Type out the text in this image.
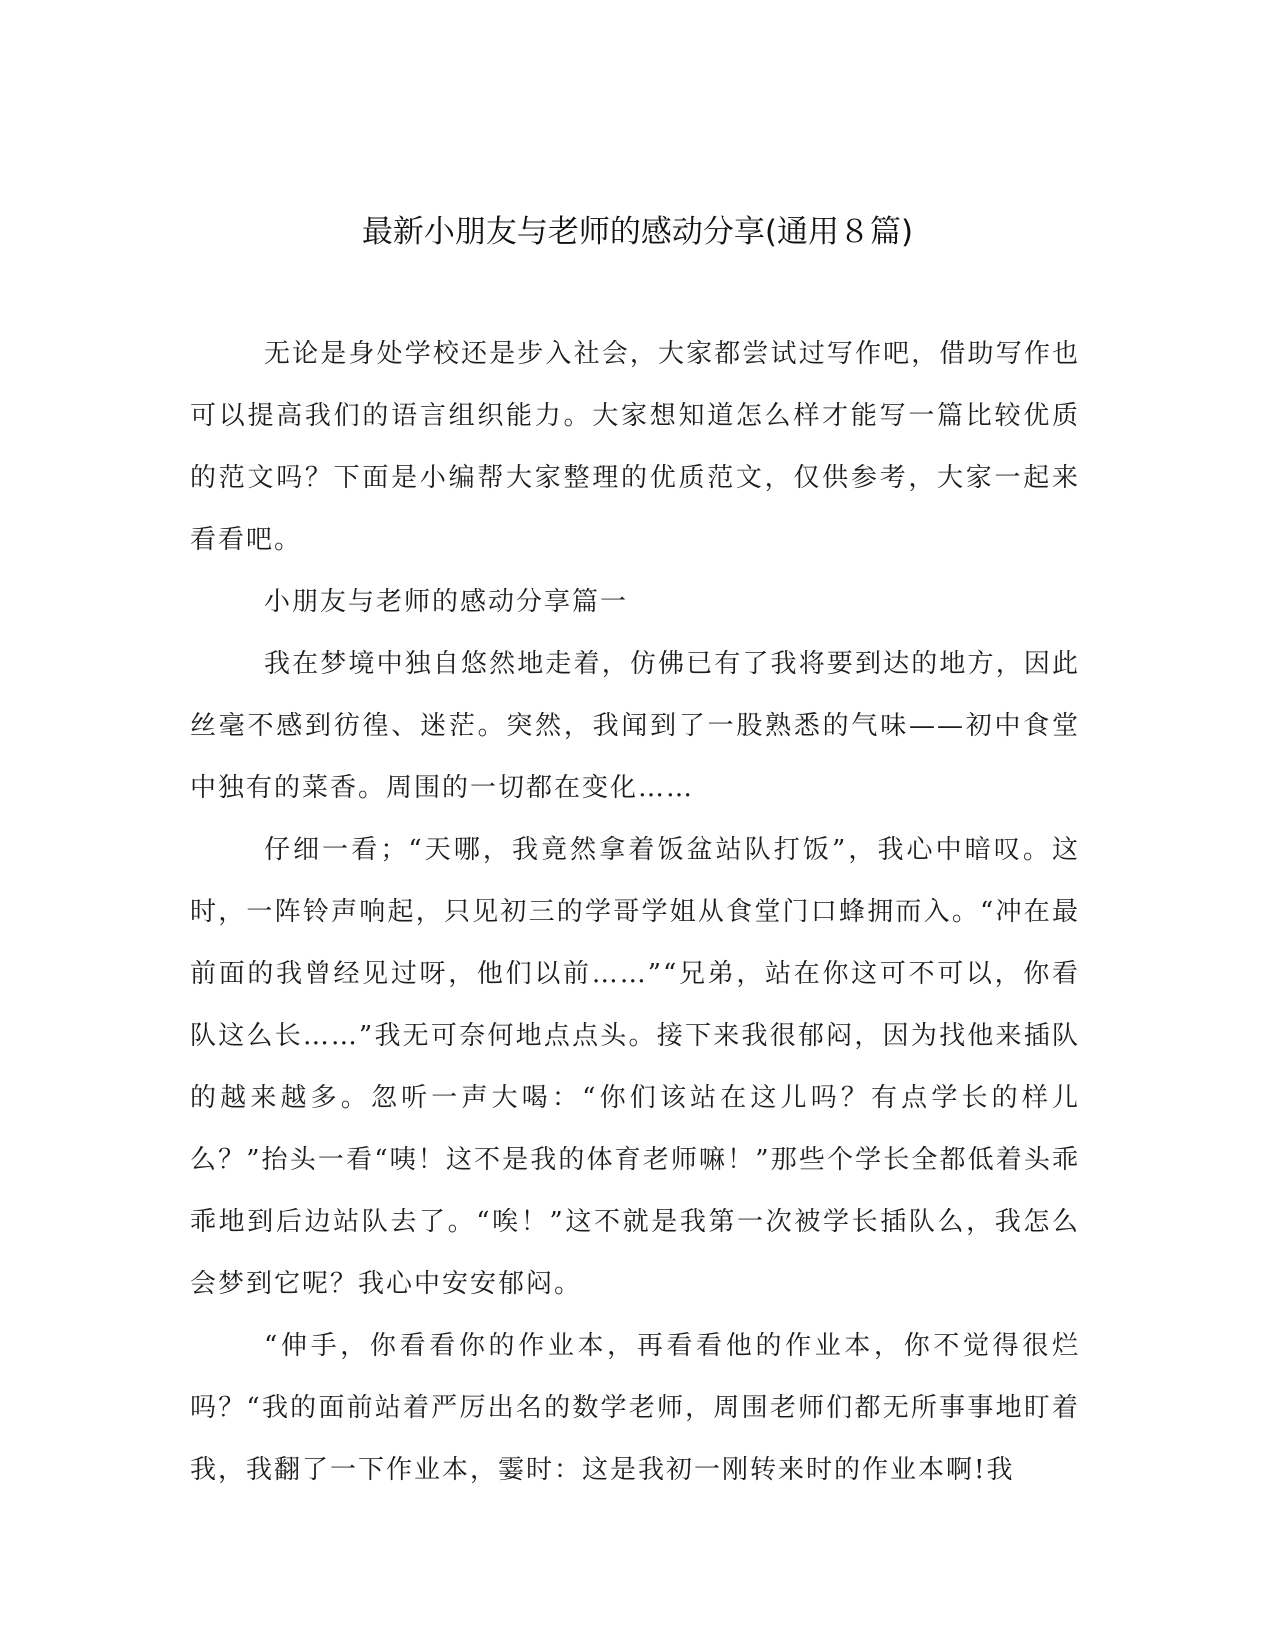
最新小朋友与老师的感动分享(通用８篇)

无论是身处学校还是步入社会，大家都尝试过写作吧，借助写作也可以提高我们的语言组织能力。大家想知道怎么样才能写一篇比较优质的范文吗？下面是小编帮大家整理的优质范文，仅供参考，大家一起来看看吧。

小朋友与老师的感动分享篇一

我在梦境中独自悠然地走着，仿佛已有了我将要到达的地方，因此丝毫不感到彷徨、迷茫。突然，我闻到了一股熟悉的气味——初中食堂中独有的菜香。周围的一切都在变化……

仔细一看；“天哪，我竟然拿着饭盆站队打饭”，我心中暗叹。这时，一阵铃声响起，只见初三的学哥学姐从食堂门口蜂拥而入。“冲在最前面的我曾经见过呀，他们以前……”“兄弟，站在你这可不可以，你看队这么长……”我无可奈何地点点头。接下来我很郁闷，因为找他来插队的越来越多。忽听一声大喝：“你们该站在这儿吗？有点学长的样儿么？”抬头一看“咦！这不是我的体育老师嘛！”那些个学长全都低着头乖乖地到后边站队去了。“唉！”这不就是我第一次被学长插队么，我怎么会梦到它呢？我心中安安郁闷。

“伸手，你看看你的作业本，再看看他的作业本，你不觉得很烂吗？“我的面前站着严厉出名的数学老师，周围老师们都无所事事地盯着我，我翻了一下作业本，霎时：这是我初一刚转来时的作业本啊!我
